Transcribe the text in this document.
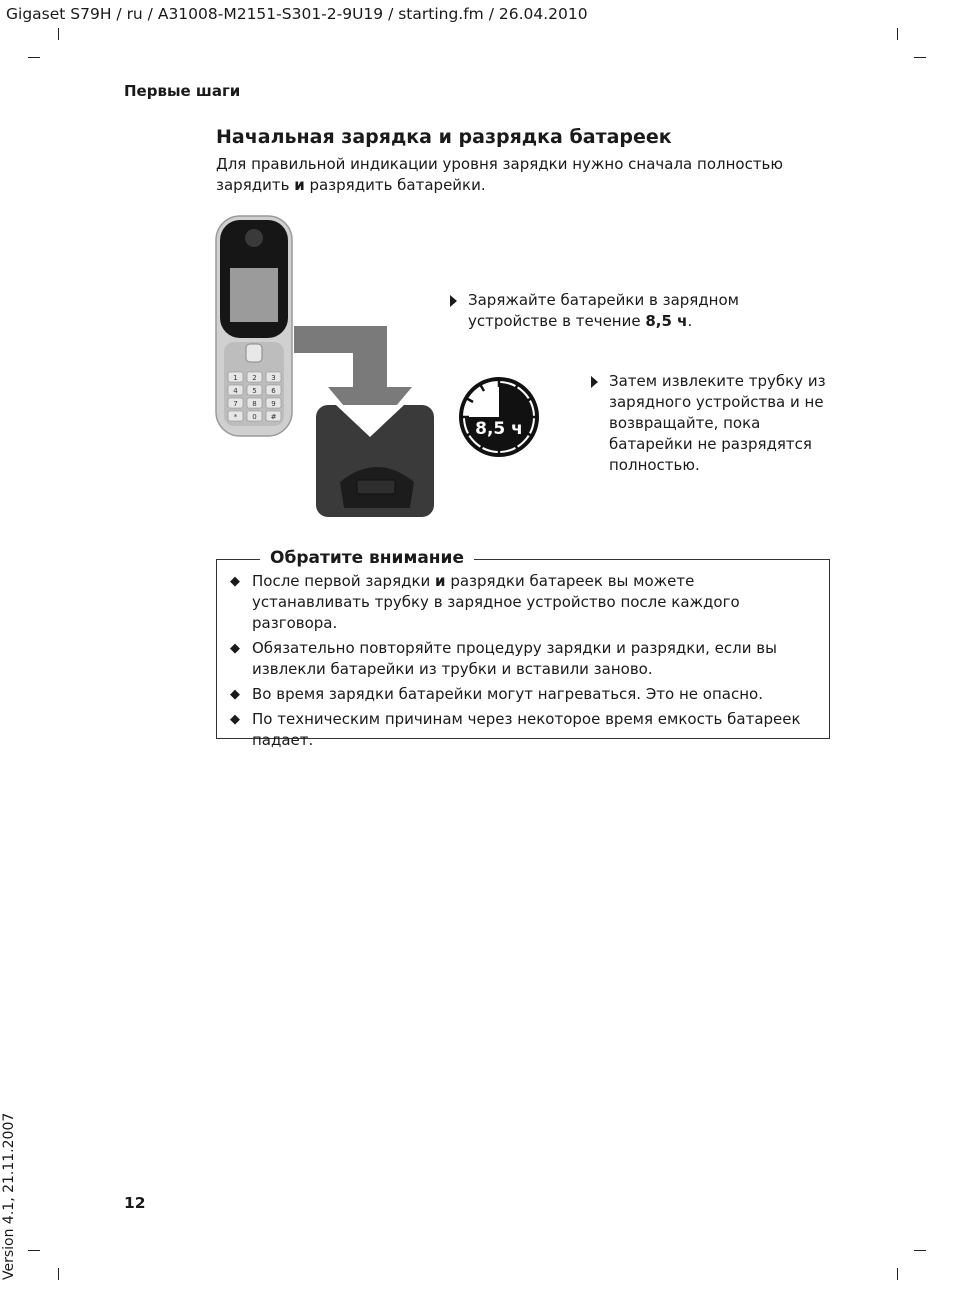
Gigaset S79H / ru / A31008-M2151-S301-2-9U19 / starting.fm / 26.04.2010
Первые шаги
Начальная зарядка и разрядка батареек
Для правильной индикации уровня зарядки нужно сначала полностью зарядить и разрядить батарейки.
1 2 3
4 5 6
7 8 9
* 0 #
Заряжайте батарейки в зарядном устройстве в течение 8,5 ч.
Затем извлеките трубку из зарядного устройства и не возвращайте, пока батарейки не разрядятся полностью.
8,5 ч
Обратите внимание
◆ После первой зарядки и разрядки батареек вы можете устанавливать трубку в зарядное устройство после каждого разговора.
◆ Обязательно повторяйте процедуру зарядки и разрядки, если вы извлекли батарейки из трубки и вставили заново.
◆ Во время зарядки батарейки могут нагреваться. Это не опасно.
◆ По техническим причинам через некоторое время емкость батареек падает.
12
Version 4.1, 21.11.2007
